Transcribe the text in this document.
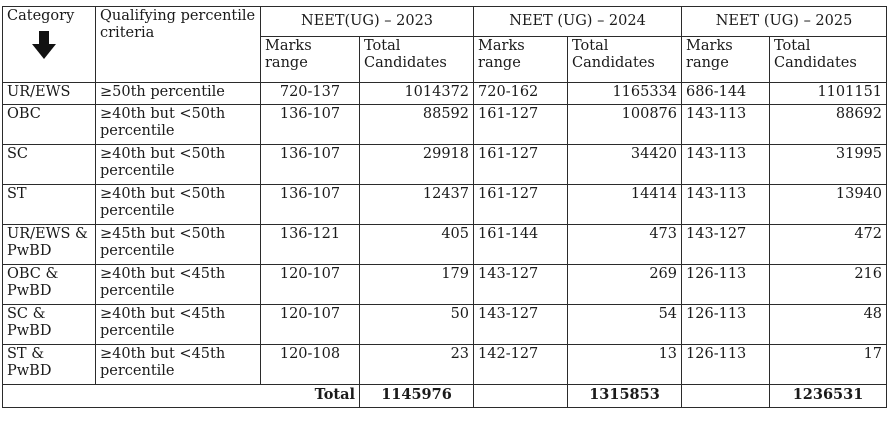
Category	Qualifying percentile criteria	NEET(UG) – 2023		NEET (UG) – 2024		NEET (UG) – 2025	
		Marks range	Total Candidates	Marks range	Total Candidates	Marks range	Total Candidates
UR/EWS	≥50th percentile	720-137	1014372	720-162	1165334	686-144	1101151
OBC	≥40th but <50th percentile	136-107	88592	161-127	100876	143-113	88692
SC	≥40th but <50th percentile	136-107	29918	161-127	34420	143-113	31995
ST	≥40th but <50th percentile	136-107	12437	161-127	14414	143-113	13940
UR/EWS & PwBD	≥45th but <50th percentile	136-121	405	161-144	473	143-127	472
OBC & PwBD	≥40th but <45th percentile	120-107	179	143-127	269	126-113	216
SC & PwBD	≥40th but <45th percentile	120-107	50	143-127	54	126-113	48
ST & PwBD	≥40th but <45th percentile	120-108	23	142-127	13	126-113	17
Total			1145976		1315853		1236531
